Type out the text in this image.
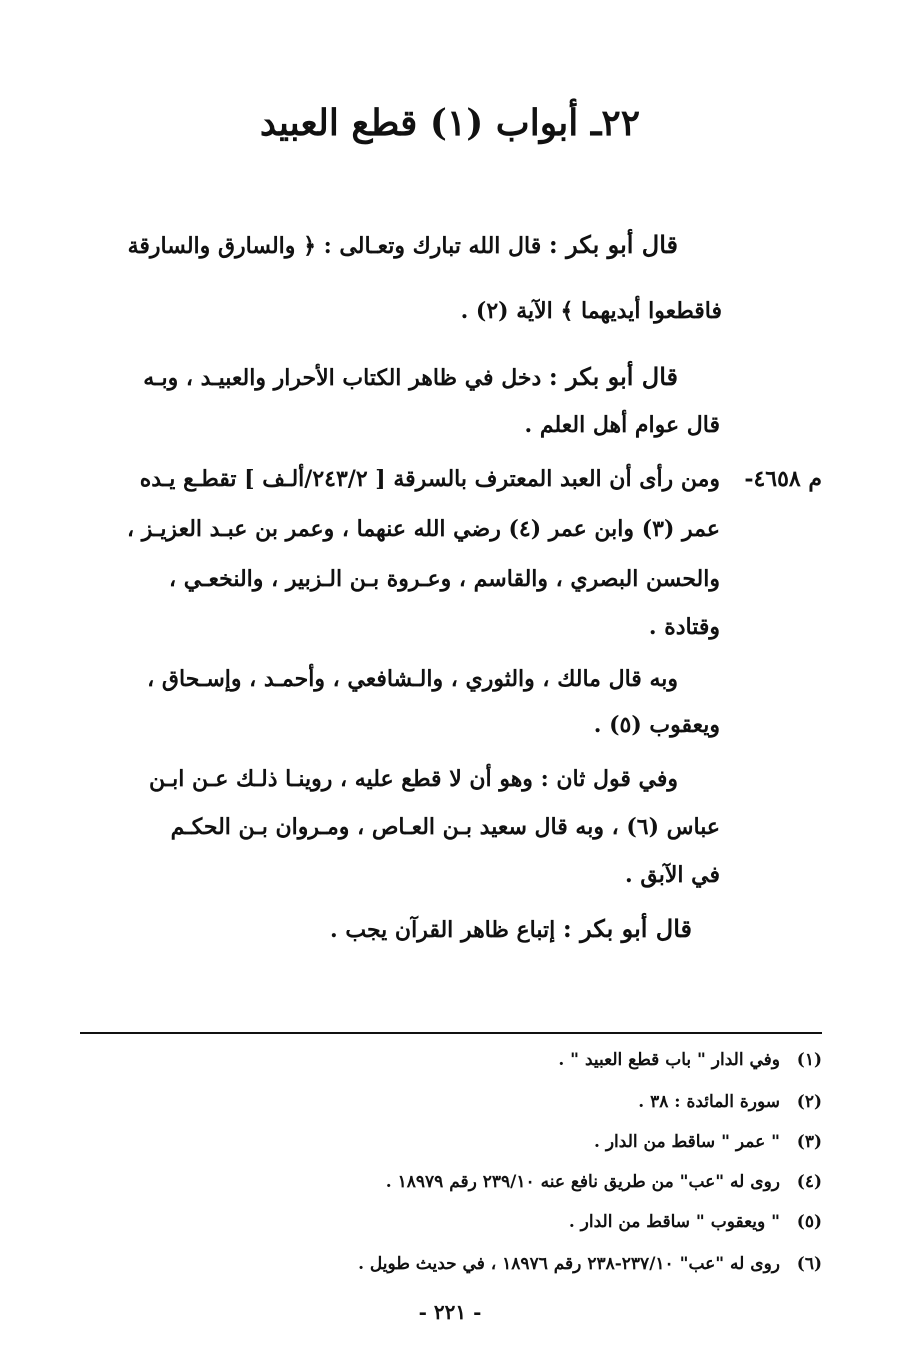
٢٢ـ أبواب (١) قطع العبيد
قال أبو بكر : قال الله تبارك وتعـالى : ﴿ والسارق والسارقة
فاقطعوا أيديهما ﴾ الآية (٢) .
قال أبو بكر : دخل في ظاهر الكتاب الأحرار والعبيـد ، وبـه
قال عوام أهل العلم .
م ٤٦٥٨-
ومن رأى أن العبد المعترف بالسرقة [ ٢٤٣/٢/ألـف ] تقطـع يـده
عمر (٣) وابن عمر (٤) رضي الله عنهما ، وعمر بن عبـد العزيـز ،
والحسن البصري ، والقاسم ، وعـروة بـن الـزبير ، والنخعـي ،
وقتادة .
وبه قال مالك ، والثوري ، والـشافعي ، وأحمـد ، وإسـحاق ،
ويعقوب (٥) .
وفي قول ثان : وهو أن لا قطع عليه ، روينـا ذلـك عـن ابـن
عباس (٦) ، وبه قال سعيد بـن العـاص ، ومـروان بـن الحكـم
في الآبق .
قال أبو بكر : إتباع ظاهر القرآن يجب .
(١)وفي الدار " باب قطع العبيد " .
(٢)سورة المائدة : ٣٨ .
(٣)" عمر " ساقط من الدار .
(٤)روى له "عب" من طريق نافع عنه ٢٣٩/١٠ رقم ١٨٩٧٩ .
(٥)" ويعقوب " ساقط من الدار .
(٦)روى له "عب" ٢٣٧/١٠-٢٣٨ رقم ١٨٩٧٦ ، في حديث طويل .
- ٢٢١ -
